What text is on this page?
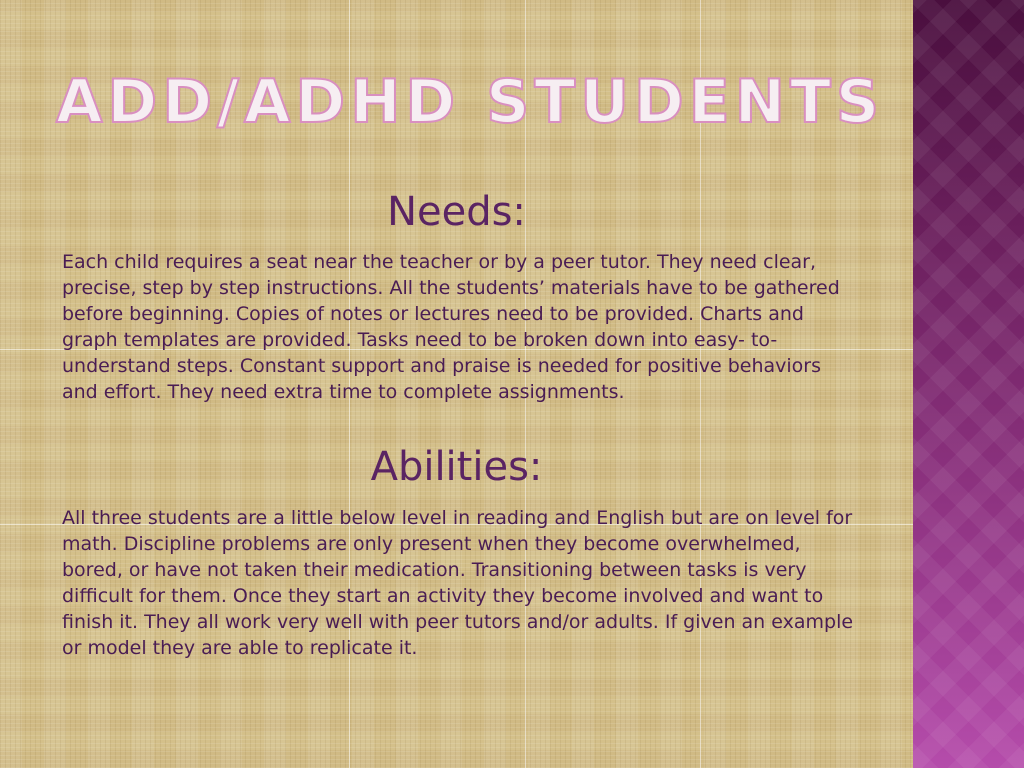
ADD/ADHD STUDENTS
Needs:

Each child requires a seat near the teacher or by a peer tutor. They need clear, precise, step by step instructions. All the students’ materials have to be gathered before beginning. Copies of notes or lectures need to be provided. Charts and graph templates are provided. Tasks need to be broken down into easy- to- understand steps. Constant support and praise is needed for positive behaviors and effort. They need extra time to complete assignments.

Abilities:

All three students are a little below level in reading and English but are on level for math. Discipline problems are only present when they become overwhelmed, bored, or have not taken their medication. Transitioning between tasks is very difficult for them. Once they start an activity they become involved and want to finish it. They all work very well with peer tutors and/or adults. If given an example or model they are able to replicate it.
